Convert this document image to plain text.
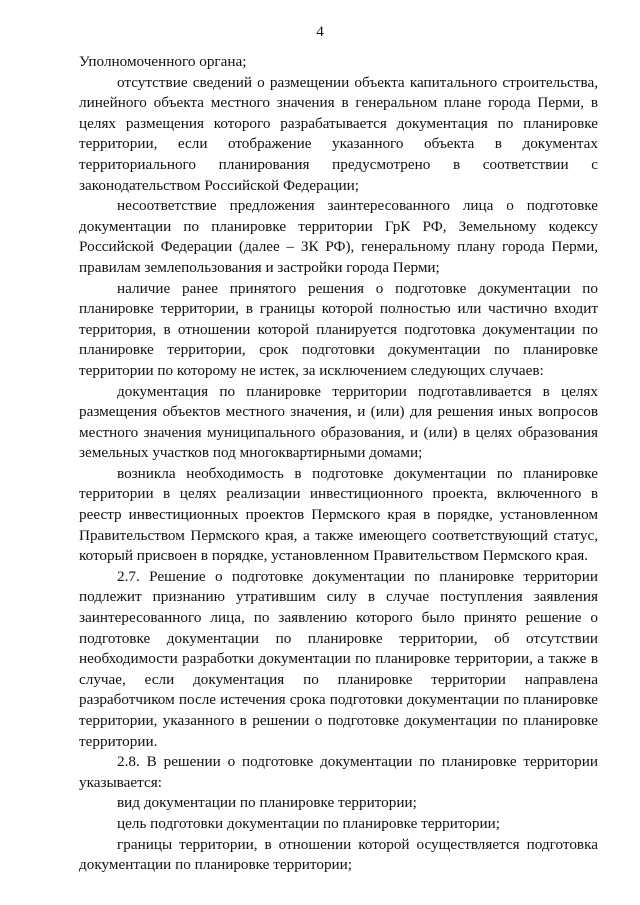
4

Уполномоченного органа;

отсутствие сведений о размещении объекта капитального строительства, линейного объекта местного значения в генеральном плане города Перми, в целях размещения которого разрабатывается документация по планировке территории, если отображение указанного объекта в документах территориального планирования предусмотрено в соответствии с законодательством Российской Федерации;

несоответствие предложения заинтересованного лица о подготовке документации по планировке территории ГрК РФ, Земельному кодексу Российской Федерации (далее – ЗК РФ), генеральному плану города Перми, правилам землепользования и застройки города Перми;

наличие ранее принятого решения о подготовке документации по планировке территории, в границы которой полностью или частично входит территория, в отношении которой планируется подготовка документации по планировке территории, срок подготовки документации по планировке территории по которому не истек, за исключением следующих случаев:

документация по планировке территории подготавливается в целях размещения объектов местного значения, и (или) для решения иных вопросов местного значения муниципального образования, и (или) в целях образования земельных участков под многоквартирными домами;

возникла необходимость в подготовке документации по планировке территории в целях реализации инвестиционного проекта, включенного в реестр инвестиционных проектов Пермского края в порядке, установленном Правительством Пермского края, а также имеющего соответствующий статус, который присвоен в порядке, установленном Правительством Пермского края.

2.7. Решение о подготовке документации по планировке территории подлежит признанию утратившим силу в случае поступления заявления заинтересованного лица, по заявлению которого было принято решение о подготовке документации по планировке территории, об отсутствии необходимости разработки документации по планировке территории, а также в случае, если документация по планировке территории направлена разработчиком после истечения срока подготовки документации по планировке территории, указанного в решении о подготовке документации по планировке территории.

2.8. В решении о подготовке документации по планировке территории указывается:

вид документации по планировке территории;

цель подготовки документации по планировке территории;

границы территории, в отношении которой осуществляется подготовка документации по планировке территории;
